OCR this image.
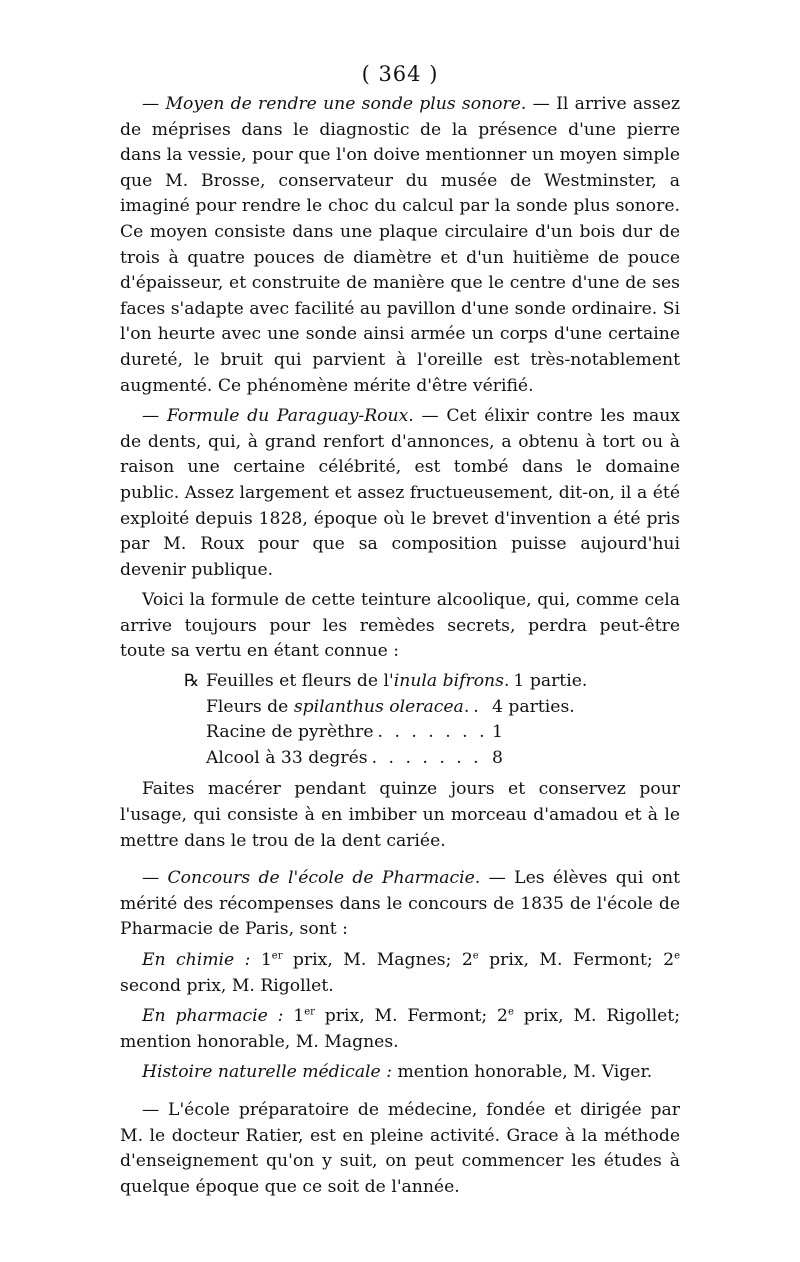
( 364 )

— Moyen de rendre une sonde plus sonore. — Il arrive assez de méprises dans le diagnostic de la présence d'une pierre dans la vessie, pour que l'on doive mentionner un moyen simple que M. Brosse, conservateur du musée de Westminster, a imaginé pour rendre le choc du calcul par la sonde plus sonore. Ce moyen consiste dans une plaque circulaire d'un bois dur de trois à quatre pouces de diamètre et d'un huitième de pouce d'épaisseur, et construite de manière que le centre d'une de ses faces s'adapte avec facilité au pavillon d'une sonde ordinaire. Si l'on heurte avec une sonde ainsi armée un corps d'une certaine dureté, le bruit qui parvient à l'oreille est très-notablement augmenté. Ce phénomène mérite d'être vérifié.

— Formule du Paraguay-Roux. — Cet élixir contre les maux de dents, qui, à grand renfort d'annonces, a obtenu à tort ou à raison une certaine célébrité, est tombé dans le domaine public. Assez largement et assez fructueusement, dit-on, il a été exploité depuis 1828, époque où le brevet d'invention a été pris par M. Roux pour que sa composition puisse aujourd'hui devenir publique.

Voici la formule de cette teinture alcoolique, qui, comme cela arrive toujours pour les remèdes secrets, perdra peut-être toute sa vertu en étant connue :

℞ Feuilles et fleurs de l'inula bifrons. . . . 1 partie.
Fleurs de spilanthus oleracea. . . . 4 parties.
Racine de pyrèthre . . .	1
Alcool à 33 degrés . . .	8

Faites macérer pendant quinze jours et conservez pour l'usage, qui consiste à en imbiber un morceau d'amadou et à le mettre dans le trou de la dent cariée.

— Concours de l'école de Pharmacie. — Les élèves qui ont mérité des récompenses dans le concours de 1835 de l'école de Pharmacie de Paris, sont :

En chimie : 1er prix, M. Magnes; 2e prix, M. Fermont; 2e second prix, M. Rigollet.

En pharmacie : 1er prix, M. Fermont; 2e prix, M. Rigollet; mention honorable, M. Magnes.

Histoire naturelle médicale : mention honorable, M. Viger.

— L'école préparatoire de médecine, fondée et dirigée par M. le docteur Ratier, est en pleine activité. Grace à la méthode d'enseignement qu'on y suit, on peut commencer les études à quelque époque que ce soit de l'année.
